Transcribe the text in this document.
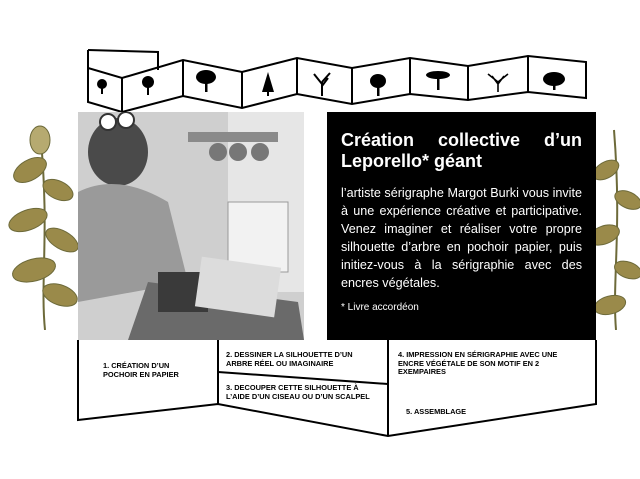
Création collective d’un Leporello* géant

l’artiste sérigraphe Margot Burki vous invite à une expérience créative et participative. Venez imaginer et réaliser votre propre silhouette d’arbre en pochoir papier, puis initiez-vous à la sérigraphie avec des encres végétales.

* Livre accordéon

1. CRÉATION D’UN POCHOIR EN PAPIER
2. DESSINER LA SILHOUETTE D’UN ARBRE RÉEL OU IMAGINAIRE
3. DECOUPER CETTE SILHOUETTE À L’AIDE D’UN CISEAU OU D’UN SCALPEL
4. IMPRESSION EN SÉRIGRAPHIE AVEC UNE ENCRE VÉGÉTALE DE SON MOTIF EN 2 EXEMPAIRES
5. ASSEMBLAGE
